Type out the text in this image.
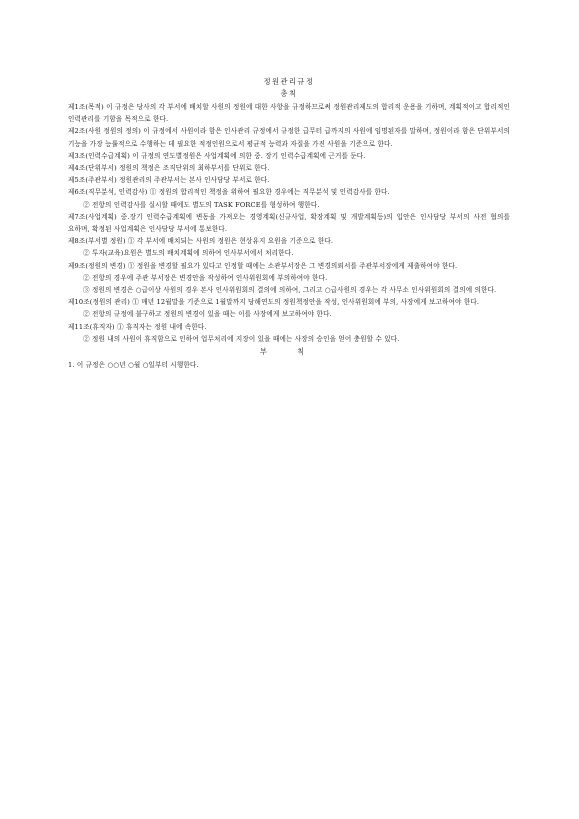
정원관리규정

총칙

제1조(목적) 이 규정은 당사의 각 부서에 배치할 사원의 정원에 대한 사항을 규정하므로써 정원관리제도의 합리적 운용을 기하며, 계획적이고 합리적인 인력관리를 기함을 목적으로 한다.

제2조(사원 정원의 정의) 이 규정에서 사원이라 함은 인사관리 규정에서 규정한 급무터 급까지의 사원에 임명된자를 말하며, 정원이라 함은 단위부서의 기능을 가장 능률적으로 수행하는 데 필요한 적정인원으로서 평균적 능력과 자질을 가진 사원을 기준으로 한다.

제3조(인력수급계획) 이 규정의 연도별정원은 사업계획에 의한 중. 장기 인력수급계획에 근거를 둔다.

제4조(단위부서) 정원의 책정은 조직단위의 최하부서를 단위로 한다.

제5조(주관부서) 정원관리의 주관부서는 본사 인사담당 부서로 한다.

제6조(직무분석, 인력감사) ① 정원의 합리적인 책정을 위하여 필요한 경우에는 직무분석 및 인력감사를 한다.

② 전항의 인력감사를 실시할 때에도 별도의 TASK FORCE를 형성하여 행한다.

제7조(사업계획) 중.장기 인력수급계획에 변동을 가져오는 경영계획(신규사업, 확장계획 및 개발계획등)의 입안은 인사담당 부서의 사전 협의를 요하며, 확정된 사업계획은 인사담당 부서에 통보한다.

제8조(부서별 정원) ① 각 부서에 배치되는 사원의 정원은 현상유지 요원을 기준으로 한다.

② 투자(교육)요원은 별도의 배치계획에 의하여 인사부서에서 처리한다.

제9조(정원의 변경) ① 정원을 변경할 필요가 있다고 인정할 때에는 소관부서장은 그 변경의뢰서를 주관부서장에게 제출하여야 한다.

② 전항의 경우에 주관 부서장은 변경안을 작성하여 인사위원회에 부의하여야 한다.

③ 정원의 변경은 ○급이상 사원의 경우 본사 인사위원회의 결의에 의하여, 그리고 ○급사원의 경우는 각 사무소 인사위원회의 결의에 의한다.

제10조(정원의 관리) ① 매년 12월말을 기준으로 1월말까지 당해연도의 정원책정안을 작성, 인사위원회에 부의, 사장에게 보고하여야 한다.

② 전항의 규정에 불구하고 정원의 변경이 있을 때는 이를 사장에게 보고하여야 한다.

제11조(휴직자) ① 휴직자는 정원 내에 속한다.

② 정원 내의 사원이 휴직함으로 인하여 업무처리에 지장이 있을 때에는 사장의 승인을 얻어 충원할 수 있다.

부 칙

1. 이 규정은 ○○년 ○월 ○일부터 시행한다.
